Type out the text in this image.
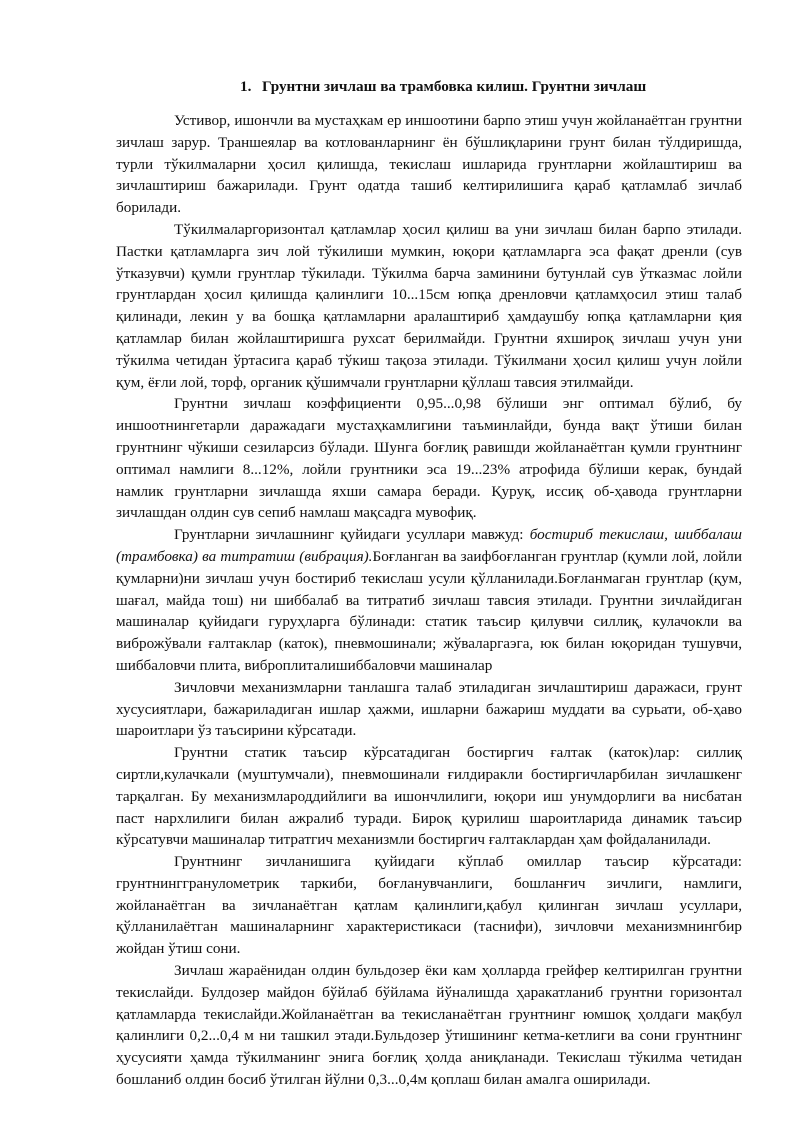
1. Грунтни зичлаш ва трамбовка килиш. Грунтни зичлаш

Устивор, ишончли ва мустаҳкам ер иншоотини барпо этиш учун жойланаётган грунтни зичлаш зарур. Траншеялар ва котлованларнинг ён бўшлиқларини грунт билан тўлдиришда, турли тўкилмаларни ҳосил қилишда, текислаш ишларида грунтларни жойлаштириш ва зичлаштириш бажарилади. Грунт одатда ташиб келтирилишига қараб қатламлаб зичлаб борилади.

Тўкилмаларгоризонтал қатламлар ҳосил қилиш ва уни зичлаш билан барпо этилади. Пастки қатламларга зич лой тўкилиши мумкин, юқори қатламларга эса фақат дренли (сув ўтказувчи) қумли грунтлар тўкилади. Тўкилма барча заминини бутунлай сув ўтказмас лойли грунтлардан ҳосил қилишда қалинлиги 10...15см юпқа дренловчи қатламҳосил этиш талаб қилинади, лекин у ва бошқа қатламларни аралаштириб ҳамдаушбу юпқа қатламларни қия қатламлар билан жойлаштиришга рухсат берилмайди. Грунтни яхшироқ зичлаш учун уни тўкилма четидан ўртасига қараб тўкиш тақоза этилади. Тўкилмани ҳосил қилиш учун лойли қум, ёғли лой, торф, органик қўшимчали грунтларни қўллаш тавсия этилмайди.

Грунтни зичлаш коэффициенти 0,95...0,98 бўлиши энг оптимал бўлиб, бу иншоотнингетарли даражадаги мустаҳкамлигини таъминлайди, бунда вақт ўтиши билан грунтнинг чўкиши сезиларсиз бўлади. Шунга боғлиқ равишди жойланаётган қумли грунтнинг оптимал намлиги 8...12%, лойли грунтники эса 19...23% атрофида бўлиши керак, бундай намлик грунтларни зичлашда яхши самара беради. Қуруқ, иссиқ об-ҳавода грунтларни зичлашдан олдин сув сепиб намлаш мақсадга мувофиқ.

Грунтларни зичлашнинг қуйидаги усуллари мавжуд: бостириб текислаш, шиббалаш (трамбовка) ва титратиш (вибрация).Боғланган ва заифбоғланган грунтлар (қумли лой, лойли қумларни)ни зичлаш учун бостириб текислаш усули қўлланилади.Боғланмаган грунтлар (қум, шағал, майда тош) ни шиббалаб ва титратиб зичлаш тавсия этилади. Грунтни зичлайдиган машиналар қуйидаги гуруҳларга бўлинади: статик таъсир қилувчи силлиқ, кулачокли ва виброжўвали ғалтаклар (каток), пневмошинали; жўваларгаэга, юк билан юқоридан тушувчи, шиббаловчи плита, виброплиталишиббаловчи машиналар

Зичловчи механизмларни танлашга талаб этиладиган зичлаштириш даражаси, грунт хусусиятлари, бажариладиган ишлар ҳажми, ишларни бажариш муддати ва сурьати, об-ҳаво шароитлари ўз таъсирини кўрсатади.

Грунтни статик таъсир кўрсатадиган бостиргич ғалтак (каток)лар: силлиқ сиртли,кулачкали (муштумчали), пневмошинали ғилдиракли бостиргичларбилан зичлашкенг тарқалган. Бу механизмлароддийлиги ва ишончлилиги, юқори иш унумдорлиги ва нисбатан паст нархлилиги билан ажралиб туради. Бироқ қурилиш шароитларида динамик таъсир кўрсатувчи машиналар титратгич механизмли бостиргич ғалтаклардан ҳам фойдаланилади.

Грунтнинг зичланишига қуйидаги кўплаб омиллар таъсир кўрсатади: грунтнинггранулометрик таркиби, боғланувчанлиги, бошланғич зичлиги, намлиги, жойланаётган ва зичланаётган қатлам қалинлиги,қабул қилинган зичлаш усуллари, қўлланилаётган машиналарнинг характеристикаси (таснифи), зичловчи механизмнингбир жойдан ўтиш сони.

Зичлаш жараёнидан олдин бульдозер ёки кам ҳолларда грейфер келтирилган грунтни текислайди. Булдозер майдон бўйлаб бўйлама йўналишда ҳаракатланиб грунтни горизонтал қатламларда текислайди.Жойланаётган ва текисланаётган грунтнинг юмшоқ ҳолдаги мақбул қалинлиги 0,2...0,4 м ни ташкил этади.Бульдозер ўтишининг кетма-кетлиги ва сони грунтнинг ҳусусияти ҳамда тўкилманинг энига боғлиқ ҳолда аниқланади. Текислаш тўкилма четидан бошланиб олдин босиб ўтилган йўлни 0,3...0,4м қоплаш билан амалга оширилади.
